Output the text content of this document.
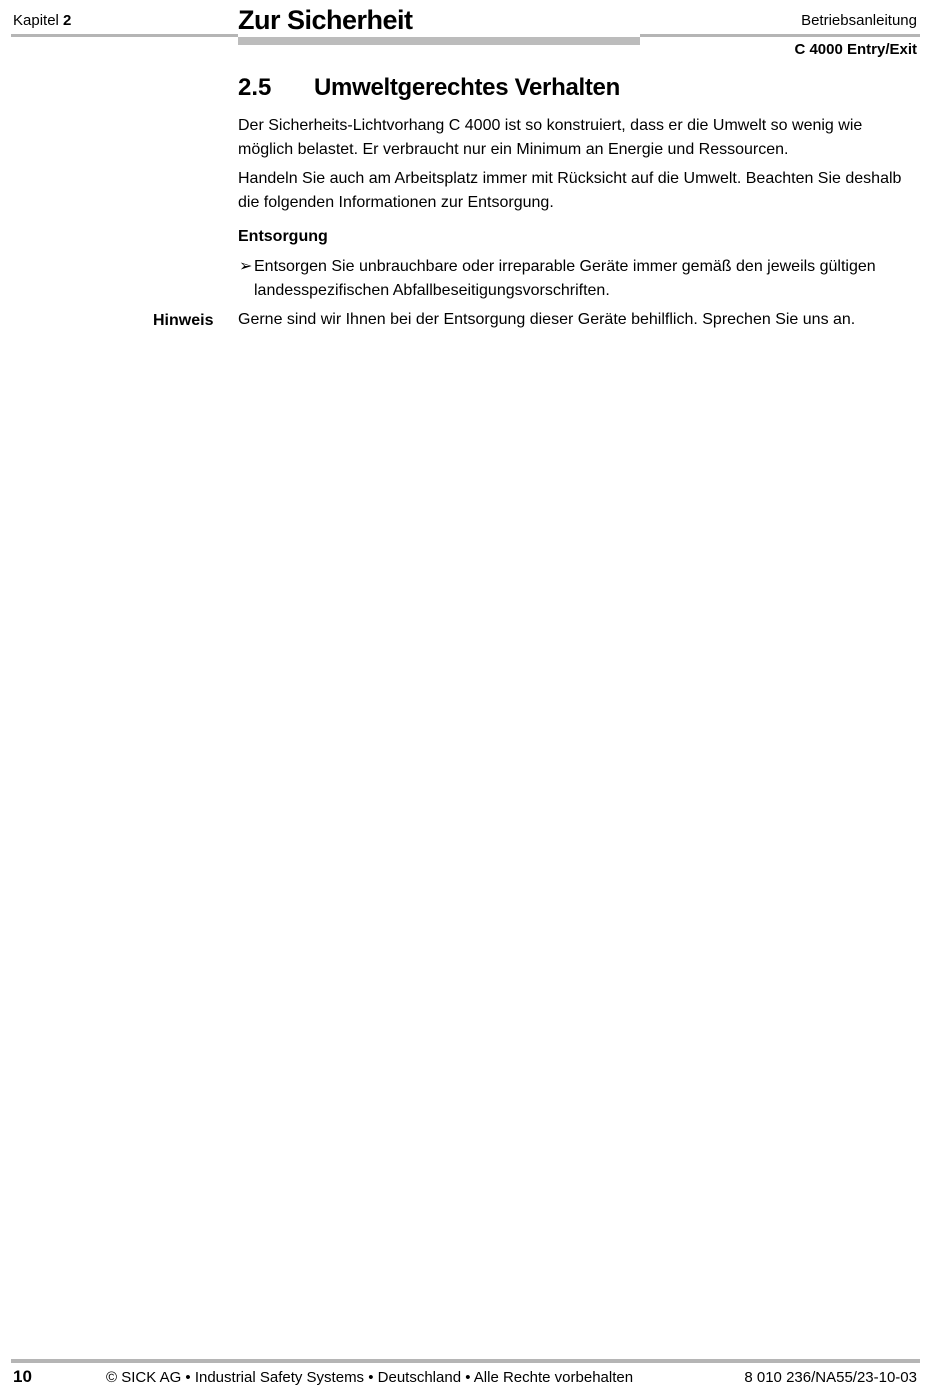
Kapitel 2	Zur Sicherheit	Betriebsanleitung
C 4000 Entry/Exit
2.5 Umweltgerechtes Verhalten
Der Sicherheits-Lichtvorhang C 4000 ist so konstruiert, dass er die Umwelt so wenig wie möglich belastet. Er verbraucht nur ein Minimum an Energie und Ressourcen.
Handeln Sie auch am Arbeitsplatz immer mit Rücksicht auf die Umwelt. Beachten Sie deshalb die folgenden Informationen zur Entsorgung.
Entsorgung
➢ Entsorgen Sie unbrauchbare oder irreparable Geräte immer gemäß den jeweils gültigen landesspezifischen Abfallbeseitigungsvorschriften.
Hinweis Gerne sind wir Ihnen bei der Entsorgung dieser Geräte behilflich. Sprechen Sie uns an.
10	© SICK AG • Industrial Safety Systems • Deutschland • Alle Rechte vorbehalten	8 010 236/NA55/23-10-03
